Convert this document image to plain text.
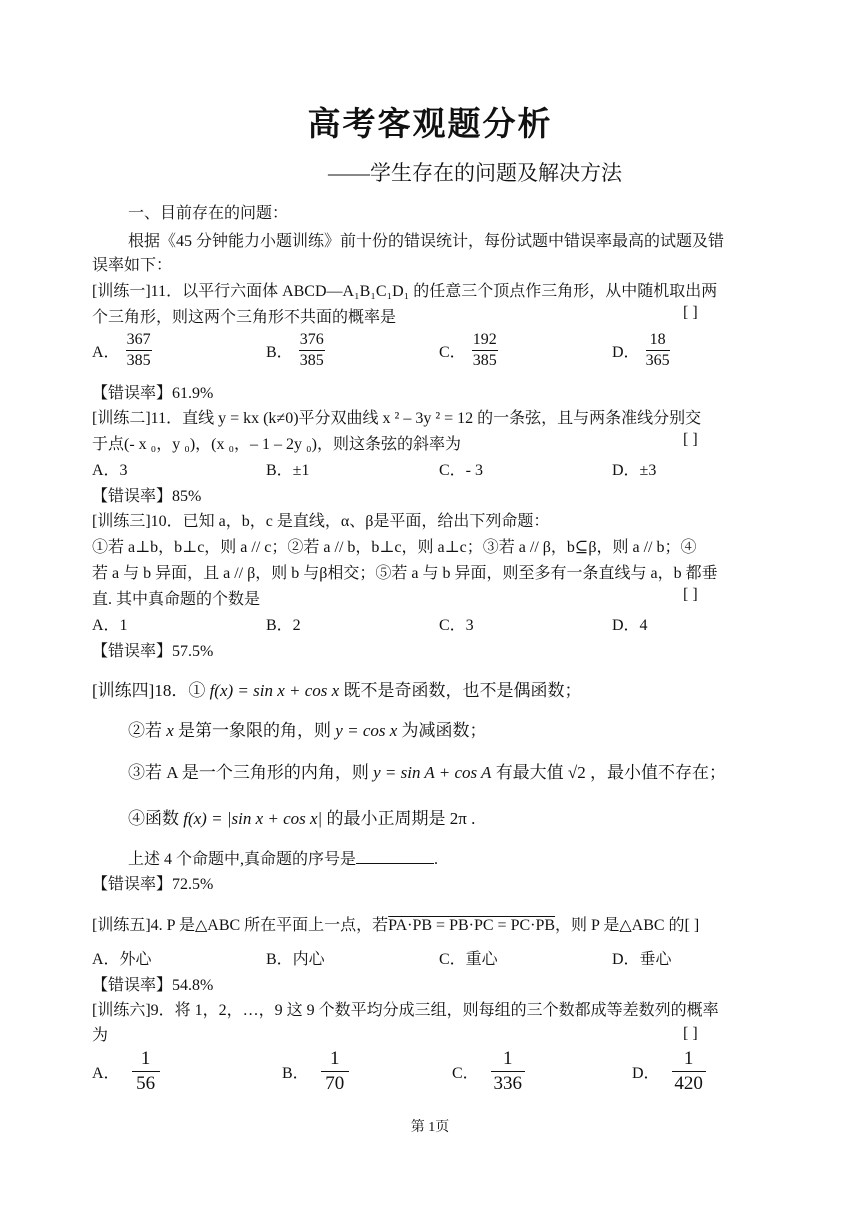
高考客观题分析
——学生存在的问题及解决方法
一、目前存在的问题：
根据《45 分钟能力小题训练》前十份的错误统计，每份试题中错误率最高的试题及错
误率如下：
[训练一]11．以平行六面体 ABCD—A₁B₁C₁D₁ 的任意三个顶点作三角形，从中随机取出两
个三角形，则这两个三角形不共面的概率是	[ ]
A． $\frac{367}{385}$	B． $\frac{376}{385}$	C． $\frac{192}{385}$	D． $\frac{18}{365}$
【错误率】61.9%
[训练二]11．直线 y = kx (k≠0)平分双曲线 x ² – 3y ² = 12 的一条弦，且与两条准线分别交
于点(- x ₀，y ₀)，(x ₀，– 1 – 2y ₀)，则这条弦的斜率为	[ ]
A．3	B．±1	C．- 3	D．±3
【错误率】85%
[训练三]10．已知 a，b，c 是直线，α、β是平面，给出下列命题：
①若 a⊥b，b⊥c，则 a // c；②若 a // b，b⊥c，则 a⊥c；③若 a // β，b⊆β，则 a // b；④
若 a 与 b 异面，且 a // β，则 b 与β相交；⑤若 a 与 b 异面，则至多有一条直线与 a，b 都垂
直. 其中真命题的个数是	[ ]
A．1	B．2	C．3	D．4
【错误率】57.5%
[训练四]18．① f(x) = sin x + cos x 既不是奇函数，也不是偶函数；
②若 x 是第一象限的角，则 y = cos x 为减函数；
③若 A 是一个三角形的内角，则 y = sin A + cos A 有最大值 √2 ，最小值不存在；
④函数 f(x) = |sin x + cos x| 的最小正周期是 2π .
上述 4 个命题中,真命题的序号是	.
【错误率】72.5%
[训练五]4. P 是△ABC 所在平面上一点，若PA·PB = PB·PC = PC·PB，则 P 是△ABC 的[ ]
A．外心	B．内心	C．重心	D．垂心
【错误率】54.8%
[训练六]9．将 1，2，…，9 这 9 个数平均分成三组，则每组的三个数都成等差数列的概率
为	[ ]
A． $\frac{1}{56}$	B． $\frac{1}{70}$	C． $\frac{1}{336}$	D． $\frac{1}{420}$
第 1页
